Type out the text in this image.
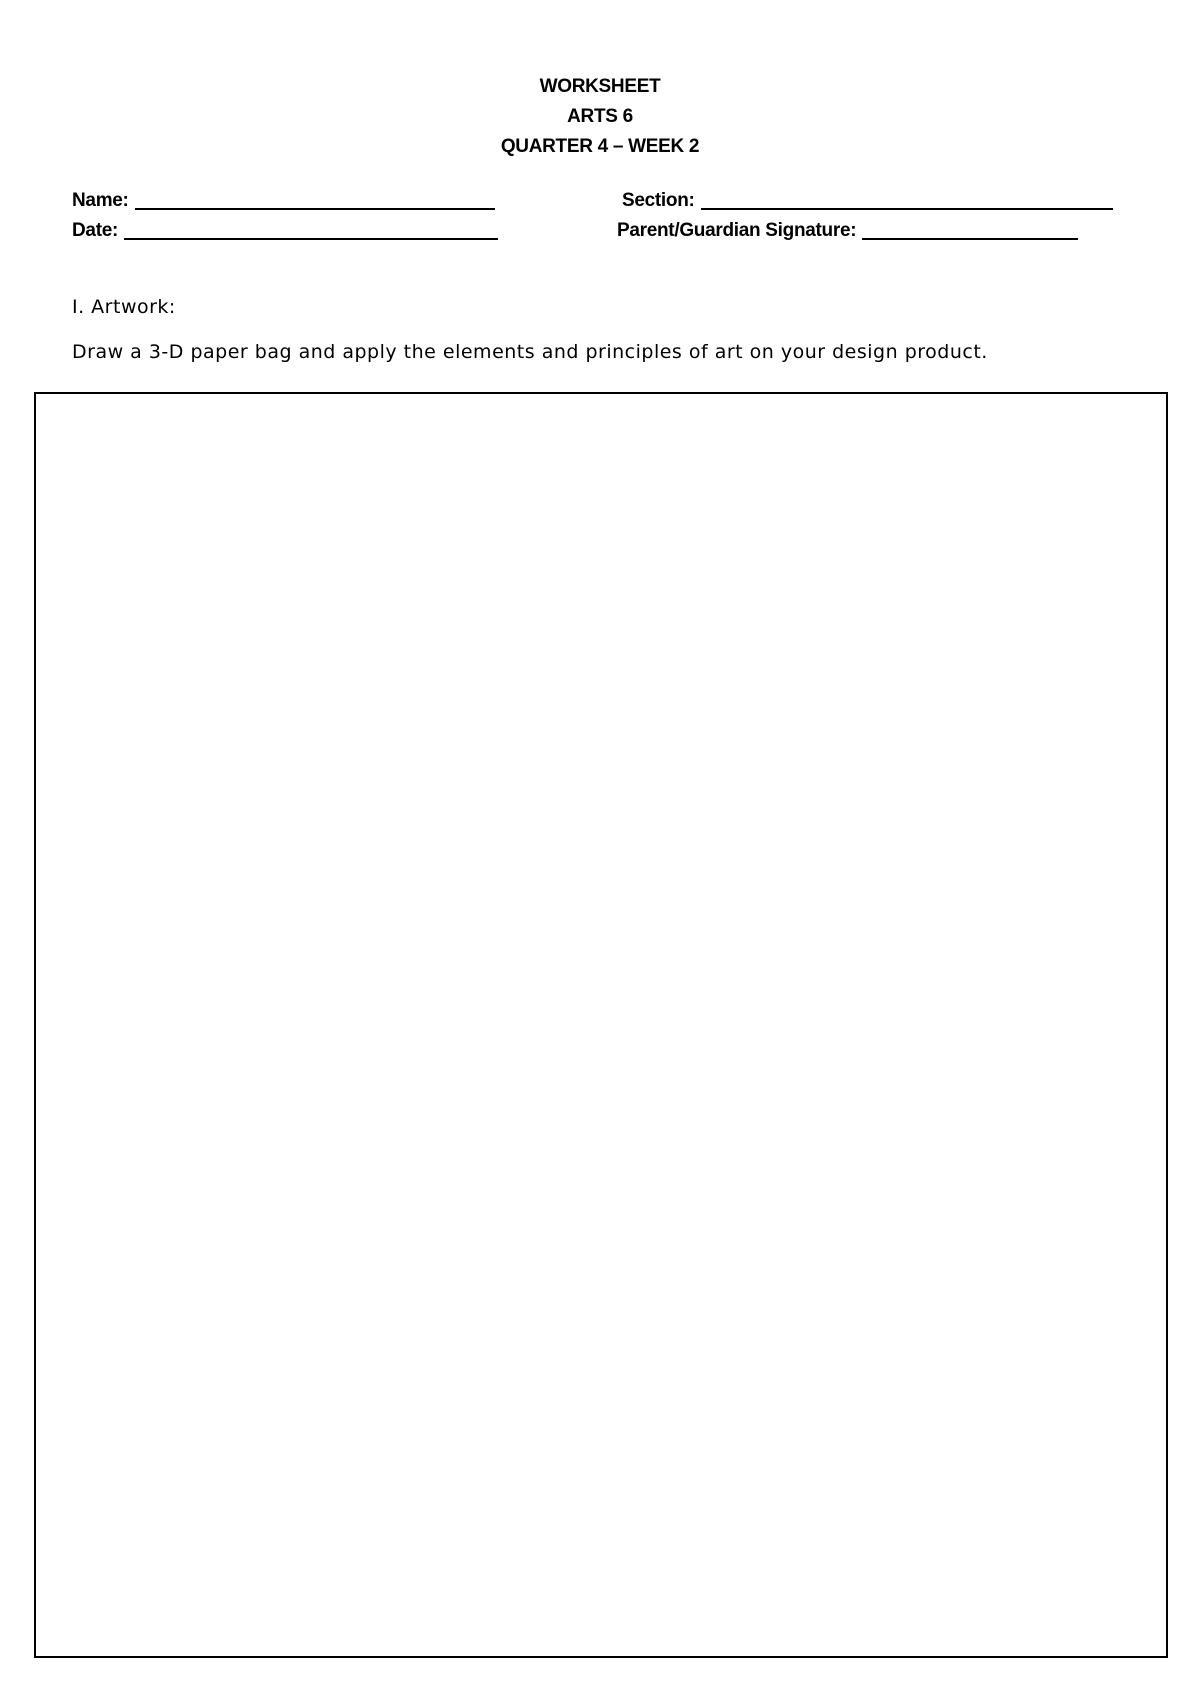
WORKSHEET
ARTS 6
QUARTER 4 – WEEK 2
Name:	Section:
Date:	Parent/Guardian Signature:
I. Artwork:
Draw a 3-D paper bag and apply the elements and principles of art on your design product.
